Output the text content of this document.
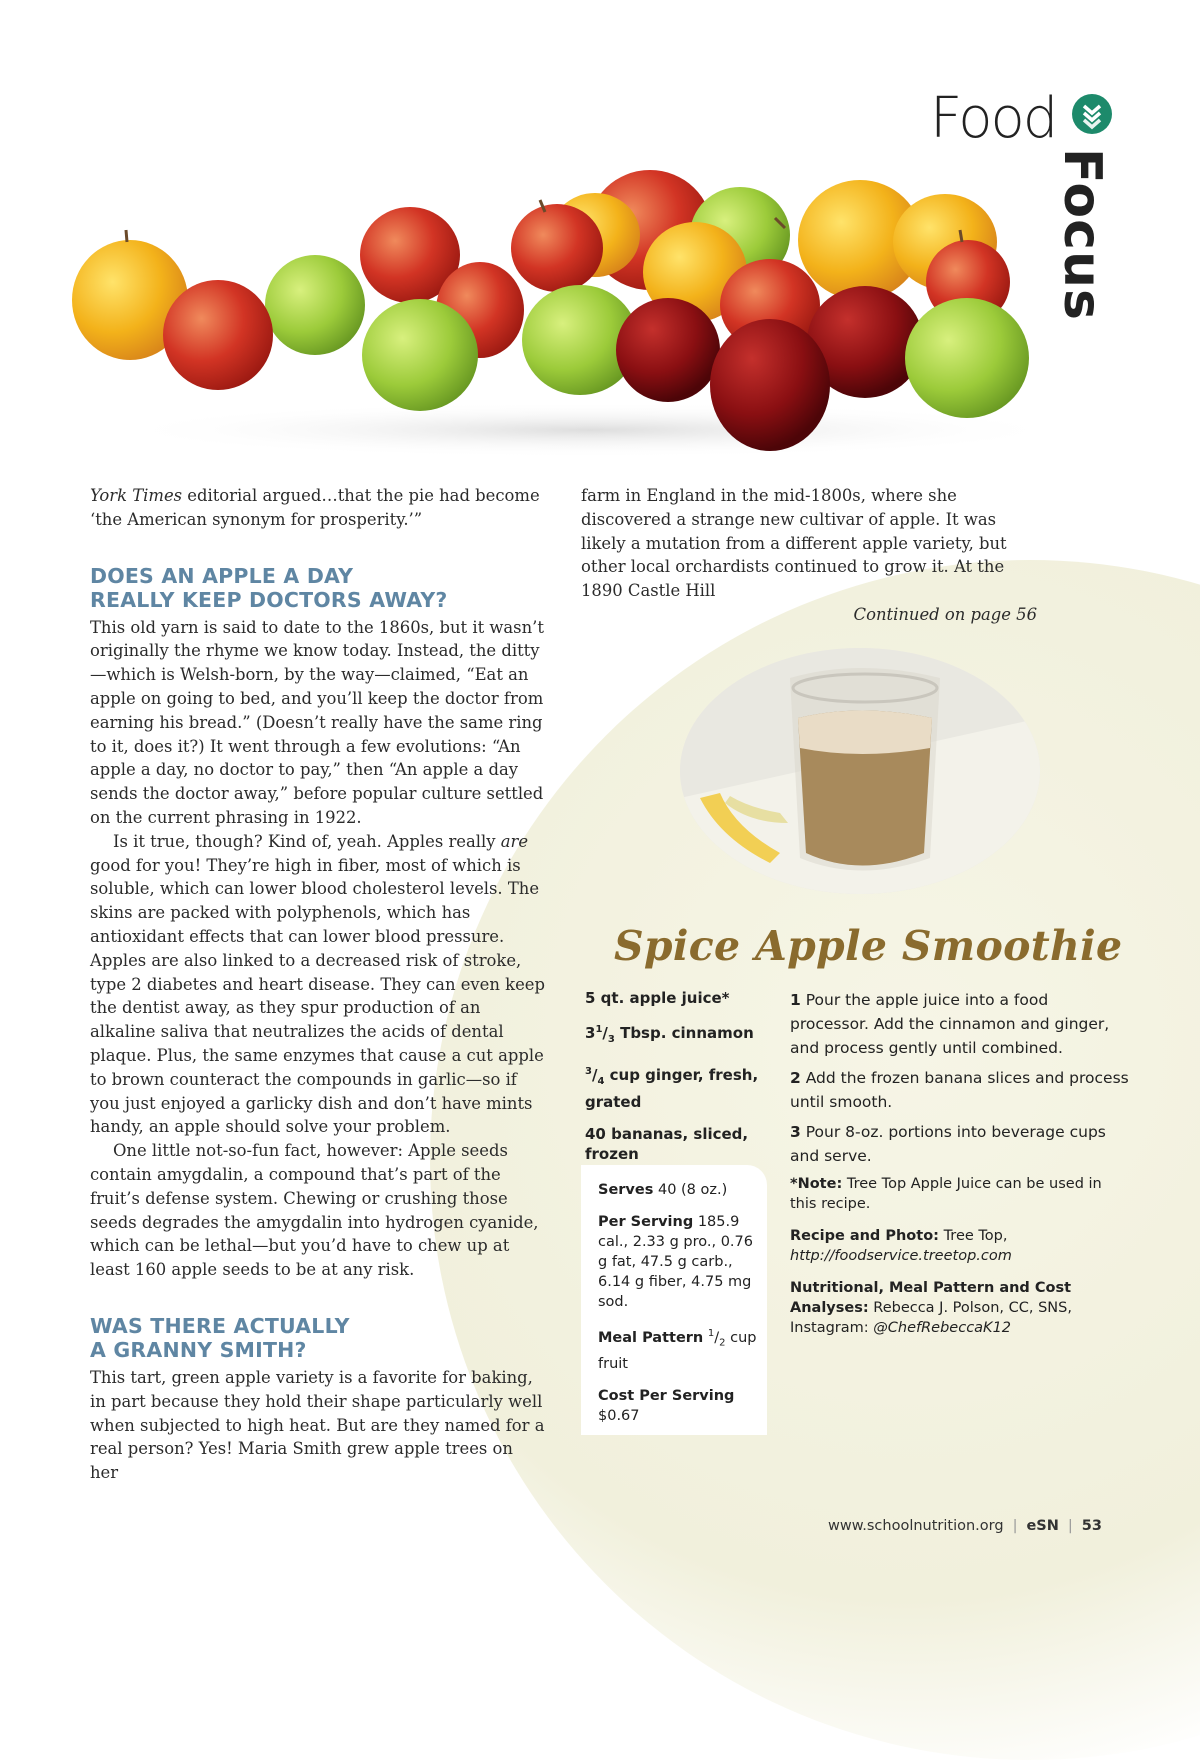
Food
Focus

York Times editorial argued…that the pie had become ‘the American synonym for prosperity.’”

DOES AN APPLE A DAY
REALLY KEEP DOCTORS AWAY?

This old yarn is said to date to the 1860s, but it wasn’t originally the rhyme we know today. Instead, the ditty—which is Welsh-born, by the way—claimed, “Eat an apple on going to bed, and you’ll keep the doctor from earning his bread.” (Doesn’t really have the same ring to it, does it?) It went through a few evolutions: “An apple a day, no doctor to pay,” then “An apple a day sends the doctor away,” before popular culture settled on the current phrasing in 1922.

Is it true, though? Kind of, yeah. Apples really are good for you! They’re high in fiber, most of which is soluble, which can lower blood cholesterol levels. The skins are packed with polyphenols, which has antioxidant effects that can lower blood pressure. Apples are also linked to a decreased risk of stroke, type 2 diabetes and heart disease. They can even keep the dentist away, as they spur production of an alkaline saliva that neutralizes the acids of dental plaque. Plus, the same enzymes that cause a cut apple to brown counteract the compounds in garlic—so if you just enjoyed a garlicky dish and don’t have mints handy, an apple should solve your problem.

One little not-so-fun fact, however: Apple seeds contain amygdalin, a compound that’s part of the fruit’s defense system. Chewing or crushing those seeds degrades the amygdalin into hydrogen cyanide, which can be lethal—but you’d have to chew up at least 160 apple seeds to be at any risk.

WAS THERE ACTUALLY
A GRANNY SMITH?

This tart, green apple variety is a favorite for baking, in part because they hold their shape particularly well when subjected to high heat. But are they named for a real person? Yes! Maria Smith grew apple trees on her

farm in England in the mid-1800s, where she discovered a strange new cultivar of apple. It was likely a mutation from a different apple variety, but other local orchardists continued to grow it. At the 1890 Castle Hill

Continued on page 56

Spice Apple Smoothie
5 qt. apple juice*
$3^1/_3$ Tbsp. cinnamon
$^3/_4$ cup ginger, fresh, grated
40 bananas, sliced, frozen

Serves 40 (8 oz.)

Per Serving 185.9 cal., 2.33 g pro., 0.76 g fat, 47.5 g carb., 6.14 g fiber, 4.75 mg sod.

Meal Pattern $^1/_2$ cup fruit

Cost Per Serving
$0.67

1 Pour the apple juice into a food processor. Add the cinnamon and ginger, and process gently until combined.

2 Add the frozen banana slices and process until smooth.

3 Pour 8-oz. portions into beverage cups and serve.

*Note: Tree Top Apple Juice can be used in this recipe.

Recipe and Photo: Tree Top,
http://foodservice.treetop.com

Nutritional, Meal Pattern and Cost Analyses: Rebecca J. Polson, CC, SNS, Instagram: @ChefRebeccaK12

www.schoolnutrition.org | eSN | 53
